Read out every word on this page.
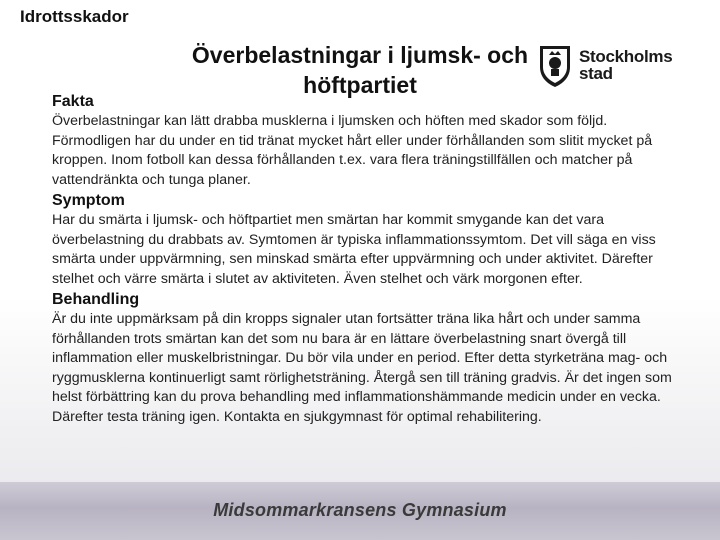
Idrottsskador
Överbelastningar i ljumsk- och höftpartiet
Stockholms
stad

Fakta

Överbelastningar kan lätt drabba musklerna i ljumsken och höften med skador som följd. Förmodligen har du under en tid tränat mycket hårt eller under förhållanden som slitit mycket på kroppen. Inom fotboll kan dessa förhållanden t.ex. vara flera träningstillfällen och matcher på vattendränkta och tunga planer.

Symptom

Har du smärta i ljumsk- och höftpartiet men smärtan har kommit smygande kan det vara överbelastning du drabbats av. Symtomen är typiska inflammationssymtom. Det vill säga en viss smärta under uppvärmning, sen minskad smärta efter uppvärmning och under aktivitet. Därefter stelhet och värre smärta i slutet av aktiviteten. Även stelhet och värk morgonen efter.

Behandling

Är du inte uppmärksam på din kropps signaler utan fortsätter träna lika hårt och under samma förhållanden trots smärtan kan det som nu bara är en lättare överbelastning snart övergå till inflammation eller muskelbristningar. Du bör vila under en period. Efter detta styrketräna mag- och ryggmusklerna kontinuerligt samt rörlighetsträning. Återgå sen till träning gradvis. Är det ingen som helst förbättring kan du prova behandling med inflammationshämmande medicin under en vecka. Därefter testa träning igen. Kontakta en sjukgymnast för optimal rehabilitering.

Midsommarkransens Gymnasium
